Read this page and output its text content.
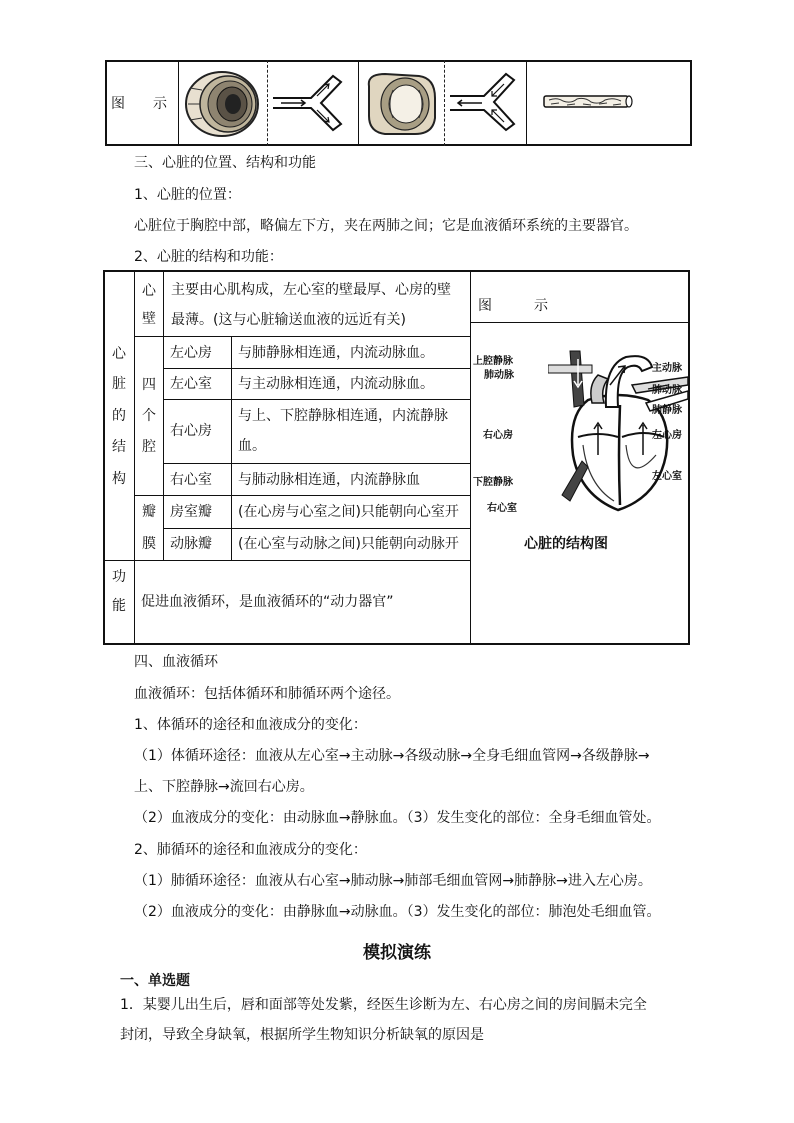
图　　示
三、心脏的位置、结构和功能
1、心脏的位置：
心脏位于胸腔中部，略偏左下方，夹在两肺之间；它是血液循环系统的主要器官。
2、心脏的结构和功能：
心
脏
的
结
构
心
壁
主要由心肌构成，左心室的壁最厚、心房的壁
最薄。(这与心脏输送血液的远近有关)
四
个
腔
左心房 与肺静脉相连通，内流动脉血。
左心室 与主动脉相连通，内流动脉血。
右心房
与上、下腔静脉相连通，内流静脉
血。
右心室 与肺动脉相连通，内流静脉血
瓣
膜
房室瓣 (在心房与心室之间)只能朝向心室开
动脉瓣 (在心室与动脉之间)只能朝向动脉开
功
能 促进血液循环，是血液循环的“动力器官”
图　　　示
上腔静脉
肺动脉
右心房
下腔静脉
右心室
主动脉
肺动脉
肺静脉
左心房
左心室
心脏的结构图
四、血液循环
血液循环：包括体循环和肺循环两个途径。
1、体循环的途径和血液成分的变化：
（1）体循环途径：血液从左心室→主动脉→各级动脉→全身毛细血管网→各级静脉→
上、下腔静脉→流回右心房。
（2）血液成分的变化：由动脉血→静脉血。（3）发生变化的部位：全身毛细血管处。
2、肺循环的途径和血液成分的变化：
（1）肺循环途径：血液从右心室→肺动脉→肺部毛细血管网→肺静脉→进入左心房。
（2）血液成分的变化：由静脉血→动脉血。（3）发生变化的部位：肺泡处毛细血管。
模拟演练
一、单选题
1．某婴儿出生后，唇和面部等处发紫，经医生诊断为左、右心房之间的房间膈未完全
封闭，导致全身缺氧，根据所学生物知识分析缺氧的原因是
